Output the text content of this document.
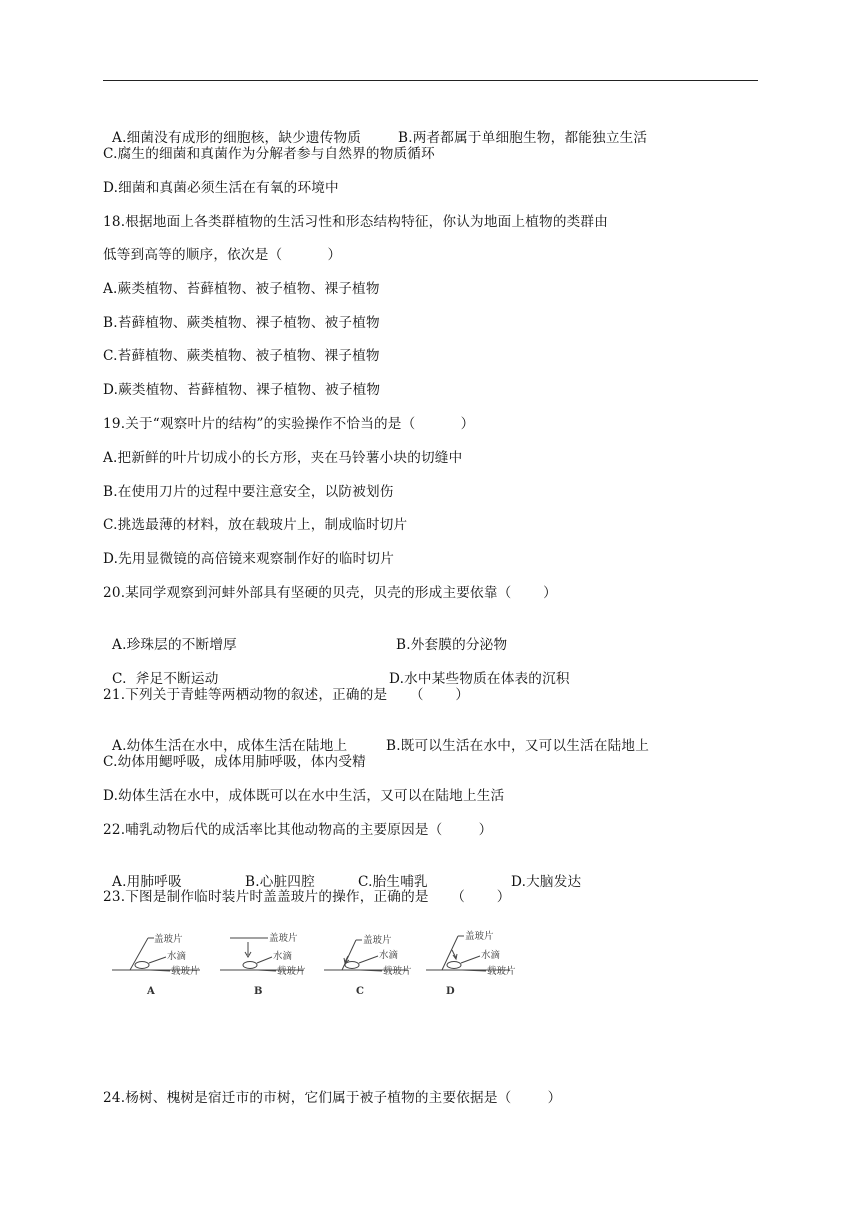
A.细菌没有成形的细胞核，缺少遗传物质	B.两者都属于单细胞生物，都能独立生活

C.腐生的细菌和真菌作为分解者参与自然界的物质循环
D.细菌和真菌必须生活在有氧的环境中
18.根据地面上各类群植物的生活习性和形态结构特征，你认为地面上植物的类群由
低等到高等的顺序，依次是（          ）
A.蕨类植物、苔藓植物、被子植物、裸子植物
B.苔藓植物、蕨类植物、裸子植物、被子植物
C.苔藓植物、蕨类植物、被子植物、裸子植物
D.蕨类植物、苔藓植物、裸子植物、被子植物
19.关于“观察叶片的结构”的实验操作不恰当的是（          ）
A.把新鲜的叶片切成小的长方形，夹在马铃薯小块的切缝中
B.在使用刀片的过程中要注意安全，以防被划伤
C.挑选最薄的材料，放在载玻片上，制成临时切片
D.先用显微镜的高倍镜来观察制作好的临时切片
20.某同学观察到河蚌外部具有坚硬的贝壳，贝壳的形成主要依靠（       ）

A.珍珠层的不断增厚	B.外套膜的分泌物

C.  斧足不断运动	D.水中某些物质在体表的沉积

21.下列关于青蛙等两栖动物的叙述，正确的是     （       ）

A.幼体生活在水中，成体生活在陆地上	B.既可以生活在水中，又可以生活在陆地上

C.幼体用鳃呼吸，成体用肺呼吸，体内受精
D.幼体生活在水中，成体既可以在水中生活，又可以在陆地上生活
22.哺乳动物后代的成活率比其他动物高的主要原因是（        ）

A.用肺呼吸	B.心脏四腔	C.胎生哺乳	D.大脑发达

23.下图是制作临时装片时盖盖玻片的操作，正确的是     （       ）
盖玻片
水滴
载玻片
盖玻片
水滴
载玻片
盖玻片
水滴
载玻片
盖玻片
水滴
载玻片
A	B	C	D
24.杨树、槐树是宿迁市的市树，它们属于被子植物的主要依据是（        ）
